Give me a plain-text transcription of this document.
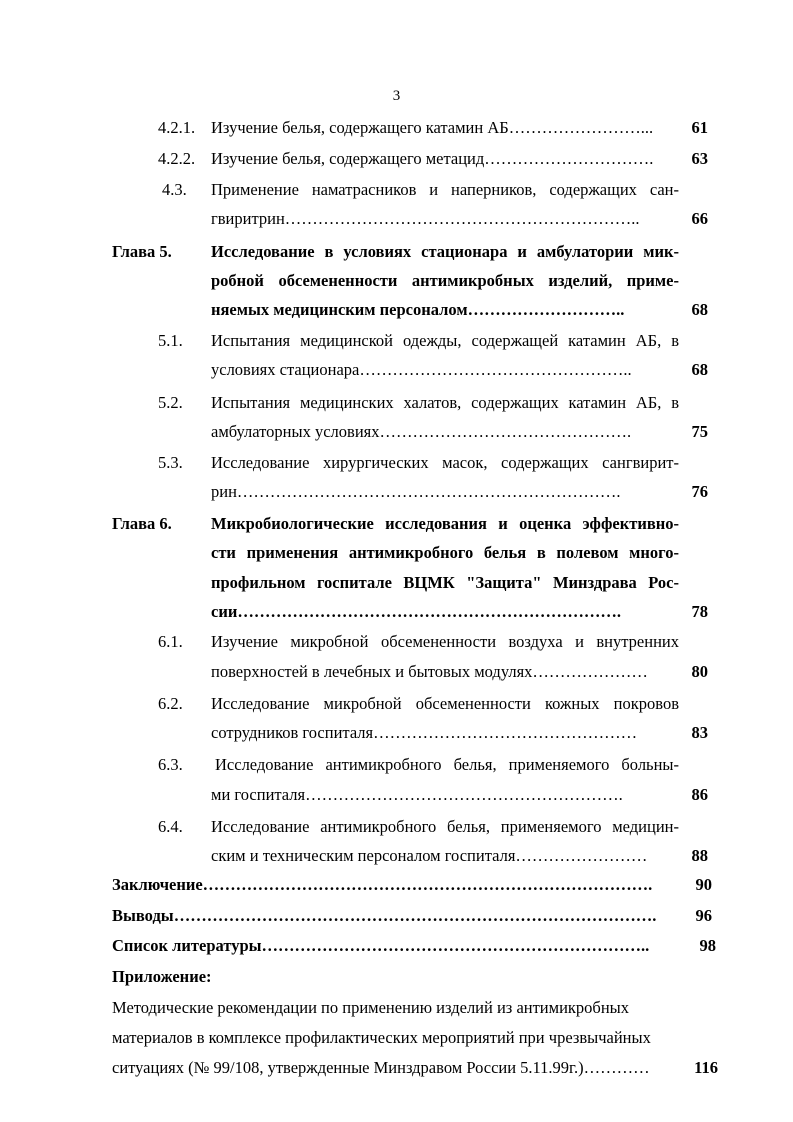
3
4.2.1. Изучение белья, содержащего катамин АБ……………………...	61
4.2.2. Изучение белья, содержащего метацид………………………….	63
4.3. Применение наматрасников и наперников, содержащих сан-
гвиритрин………………………………………………………..	66
Глава 5. Исследование в условиях стационара и амбулатории мик-
робной обсемененности антимикробных изделий, приме-
няемых медицинским персоналом………………………..	68
5.1. Испытания медицинской одежды, содержащей катамин АБ, в
условиях стационара…………………………………………..	68
5.2. Испытания медицинских халатов, содержащих катамин АБ, в
амбулаторных условиях……………………………………….	75
5.3. Исследование хирургических масок, содержащих сангвирит-
рин…………………………………………………………….	76
Глава 6. Микробиологические исследования и оценка эффективно-
сти применения антимикробного белья в полевом много-
профильном госпитале ВЦМК "Защита" Минздрава Рос-
сии…………………………………………………………….	78
6.1. Изучение микробной обсемененности воздуха и внутренних
поверхностей в лечебных и бытовых модулях…………………	80
6.2. Исследование микробной обсемененности кожных покровов
сотрудников госпиталя…………………………………………	83
6.3. Исследование антимикробного белья, применяемого больны-
ми госпиталя………………………………………………….	86
6.4. Исследование антимикробного белья, применяемого медицин-
ским и техническим персоналом госпиталя……………………	88
Заключение……………………………………………………………………….	90
Выводы…………………………………………………………………………….	96
Список литературы……………………………………………………………..	98
Приложение:
Методические рекомендации по применению изделий из антимикробных
материалов в комплексе профилактических мероприятий при чрезвычайных
ситуациях (№ 99/108, утвержденные Минздравом России 5.11.99г.)…………	116
